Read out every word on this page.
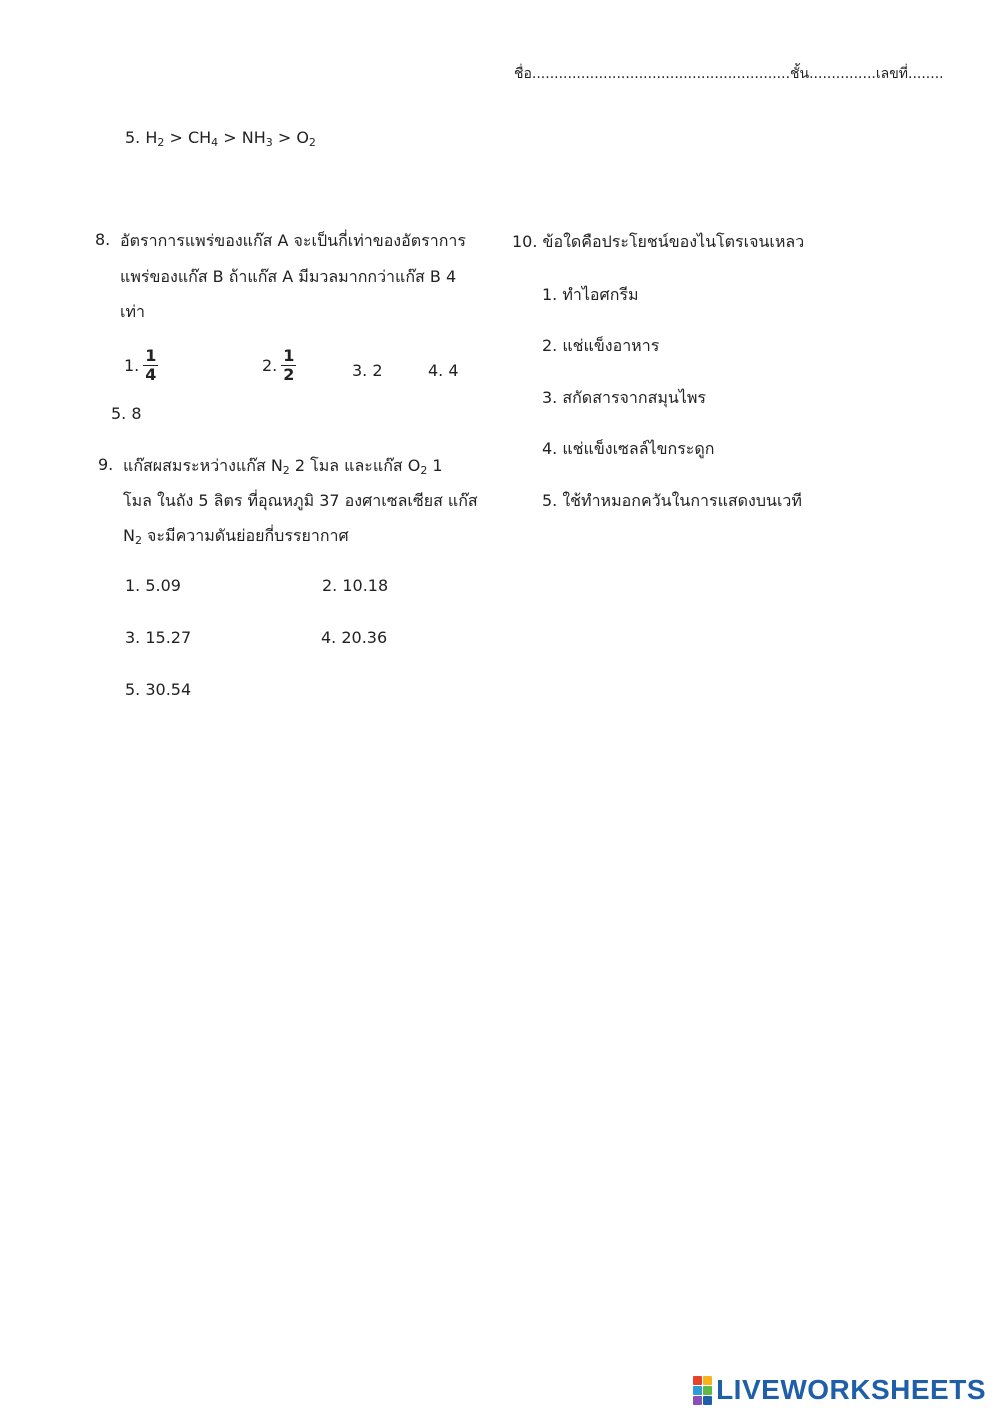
ชื่อ..........................................................ชั้น...............เลขที่........
5. $H_2 > CH_4 > NH_3 > O_2$
8. อัตราการแพร่ของแก๊ส A จะเป็นกี่เท่าของอัตราการ
แพร่ของแก๊ส B ถ้าแก๊ส A มีมวลมากกว่าแก๊ส B 4
เท่า
1. $\frac{1}{4}$	2. $\frac{1}{2}$	3. 2	4. 4
5. 8
9. แก๊สผสมระหว่างแก๊ส $N_2$ 2 โมล และแก๊ส $O_2$ 1
โมล ในถัง 5 ลิตร ที่อุณหภูมิ 37 องศาเซลเซียส แก๊ส
$N_2$ จะมีความดันย่อยกี่บรรยากาศ
1. 5.09	2. 10.18
3. 15.27	4. 20.36
5. 30.54
10. ข้อใดคือประโยชน์ของไนโตรเจนเหลว
1. ทำไอศกรีม
2. แช่แข็งอาหาร
3. สกัดสารจากสมุนไพร
4. แช่แข็งเซลล์ไขกระดูก
5. ใช้ทำหมอกควันในการแสดงบนเวที
LIVEWORKSHEETS
